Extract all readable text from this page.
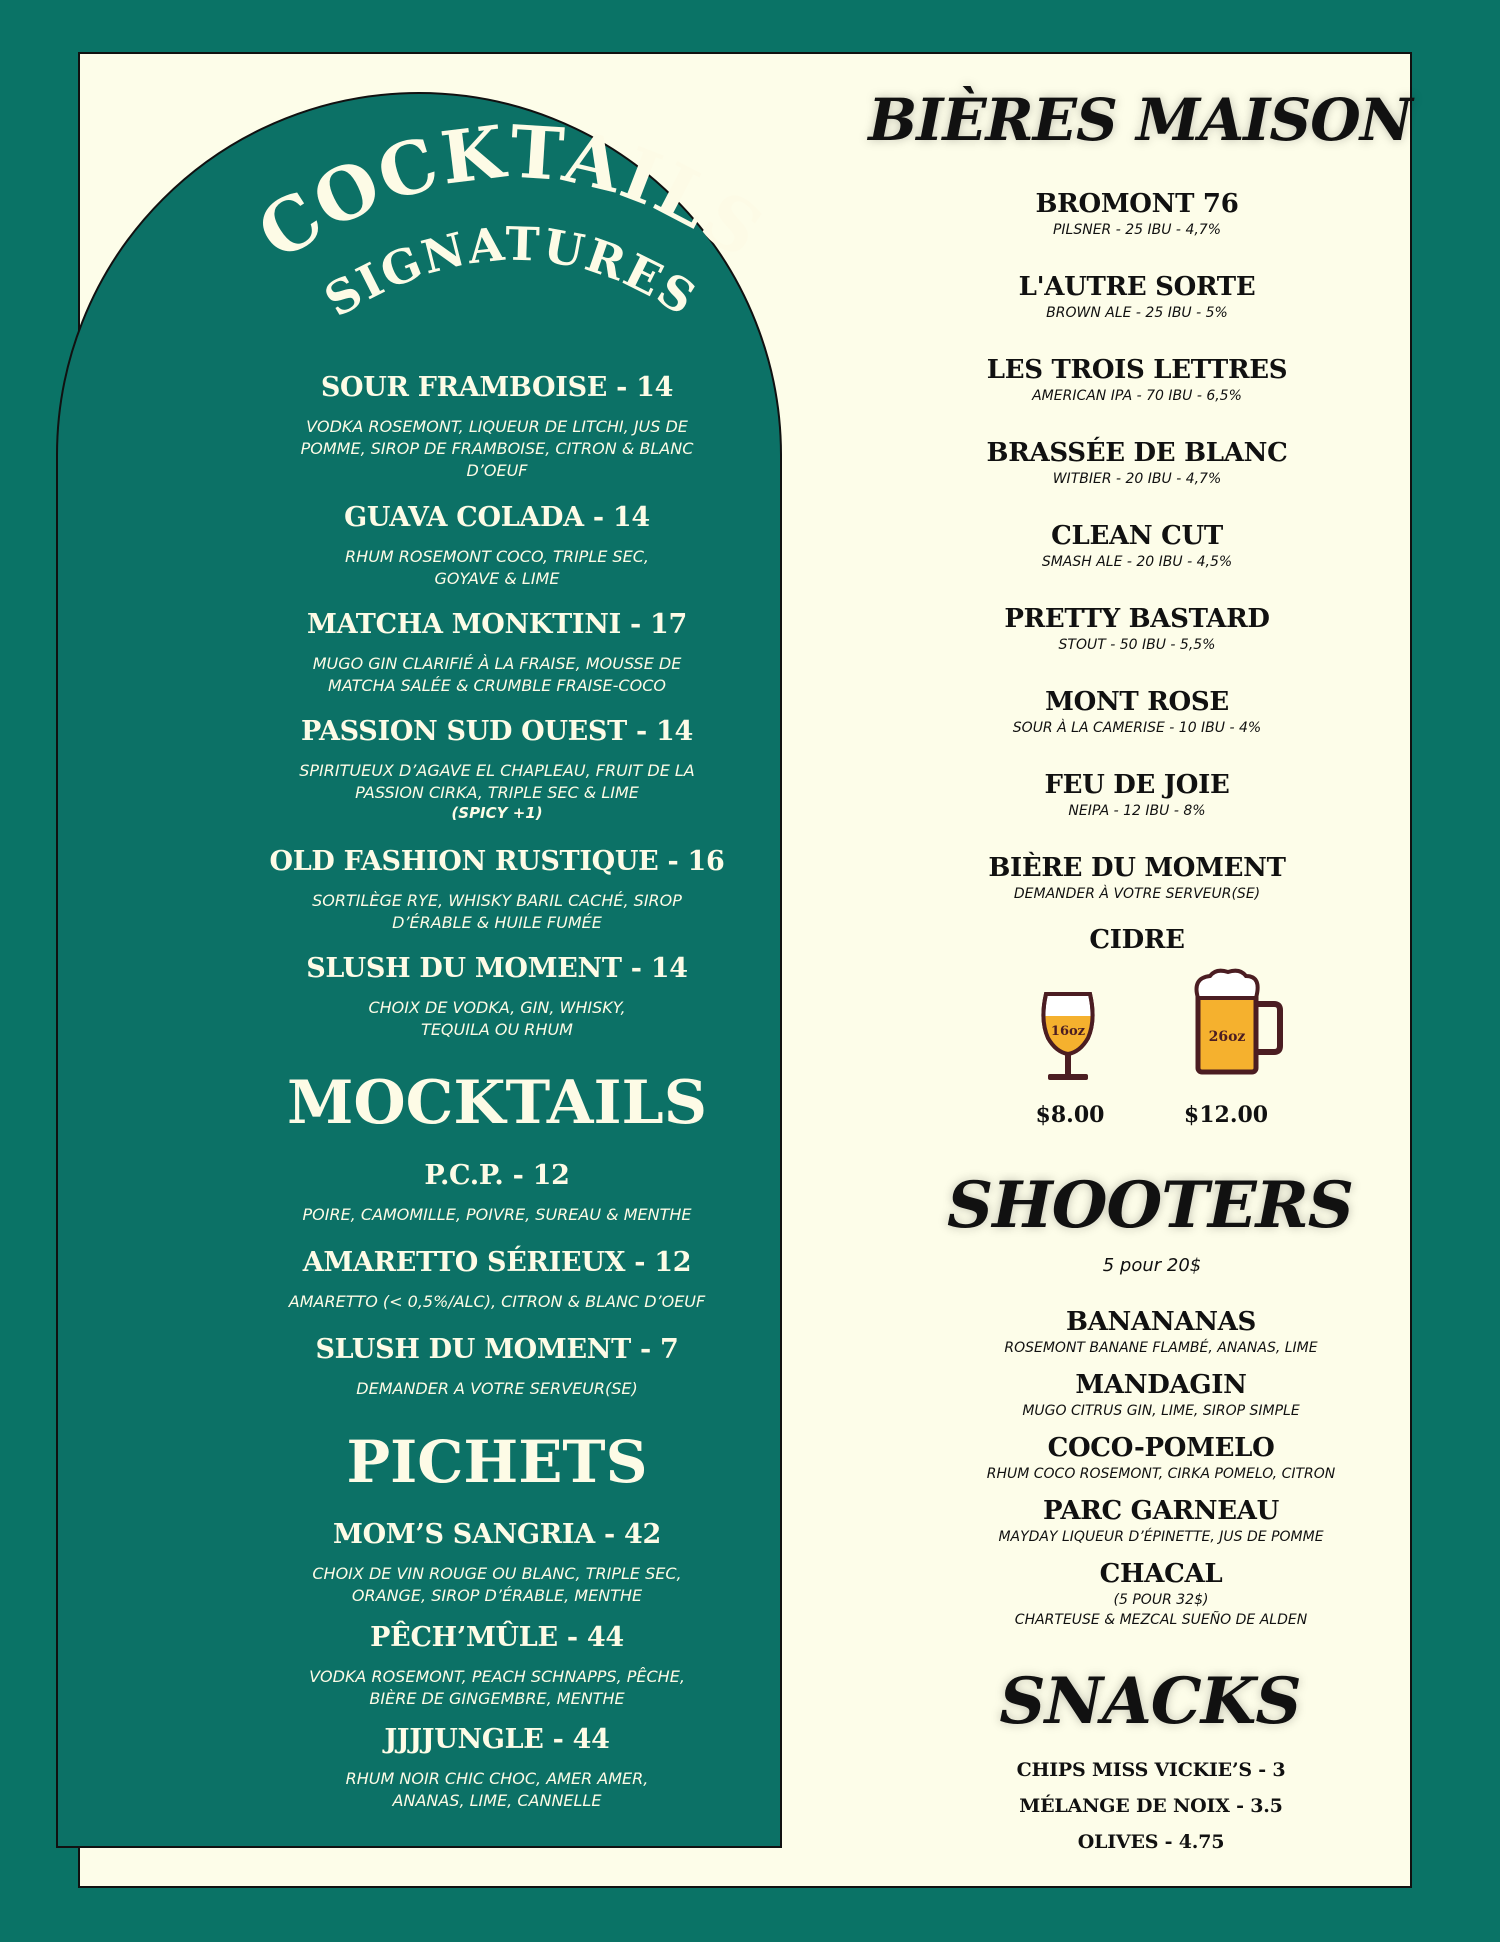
COCKTAILS
SIGNATURES

SOUR FRAMBOISE - 14

VODKA ROSEMONT, LIQUEUR DE LITCHI, JUS DE POMME, SIROP DE FRAMBOISE, CITRON & BLANC D’OEUF

GUAVA COLADA - 14

RHUM ROSEMONT COCO, TRIPLE SEC, GOYAVE & LIME

MATCHA MONKTINI - 17

MUGO GIN CLARIFIÉ À LA FRAISE, MOUSSE DE MATCHA SALÉE & CRUMBLE FRAISE-COCO

PASSION SUD OUEST - 14

SPIRITUEUX D’AGAVE EL CHAPLEAU, FRUIT DE LA PASSION CIRKA, TRIPLE SEC & LIME

(SPICY +1)

OLD FASHION RUSTIQUE - 16

SORTILÈGE RYE, WHISKY BARIL CACHÉ, SIROP D’ÉRABLE & HUILE FUMÉE

SLUSH DU MOMENT - 14

CHOIX DE VODKA, GIN, WHISKY, TEQUILA OU RHUM

MOCKTAILS

P.C.P. - 12

POIRE, CAMOMILLE, POIVRE, SUREAU & MENTHE

AMARETTO SÉRIEUX - 12

AMARETTO (< 0,5%/ALC), CITRON & BLANC D’OEUF

SLUSH DU MOMENT - 7

DEMANDER A VOTRE SERVEUR(SE)

PICHETS

MOM’S SANGRIA - 42

CHOIX DE VIN ROUGE OU BLANC, TRIPLE SEC, ORANGE, SIROP D’ÉRABLE, MENTHE

PÊCH’MÛLE - 44

VODKA ROSEMONT, PEACH SCHNAPPS, PÊCHE, BIÈRE DE GINGEMBRE, MENTHE

JJJJUNGLE - 44

RHUM NOIR CHIC CHOC, AMER AMER, ANANAS, LIME, CANNELLE

BIÈRES MAISON
BROMONT 76
PILSNER - 25 IBU - 4,7%
L'AUTRE SORTE
BROWN ALE - 25 IBU - 5%
LES TROIS LETTRES
AMERICAN IPA - 70 IBU - 6,5%
BRASSÉE DE BLANC
WITBIER - 20 IBU - 4,7%
CLEAN CUT
SMASH ALE - 20 IBU - 4,5%
PRETTY BASTARD
STOUT - 50 IBU - 5,5%
MONT ROSE
SOUR À LA CAMERISE - 10 IBU - 4%
FEU DE JOIE
NEIPA - 12 IBU - 8%
BIÈRE DU MOMENT
DEMANDER À VOTRE SERVEUR(SE)
CIDRE
16oz	26oz
$8.00	$12.00
SHOOTERS
5 pour 20$
BANANANAS
ROSEMONT BANANE FLAMBÉ, ANANAS, LIME
MANDAGIN
MUGO CITRUS GIN, LIME, SIROP SIMPLE
COCO-POMELO
RHUM COCO ROSEMONT, CIRKA POMELO, CITRON
PARC GARNEAU
MAYDAY LIQUEUR D’ÉPINETTE, JUS DE POMME
CHACAL
(5 POUR 32$)
CHARTEUSE & MEZCAL SUEÑO DE ALDEN
SNACKS
CHIPS MISS VICKIE’S - 3
MÉLANGE DE NOIX - 3.5
OLIVES - 4.75
